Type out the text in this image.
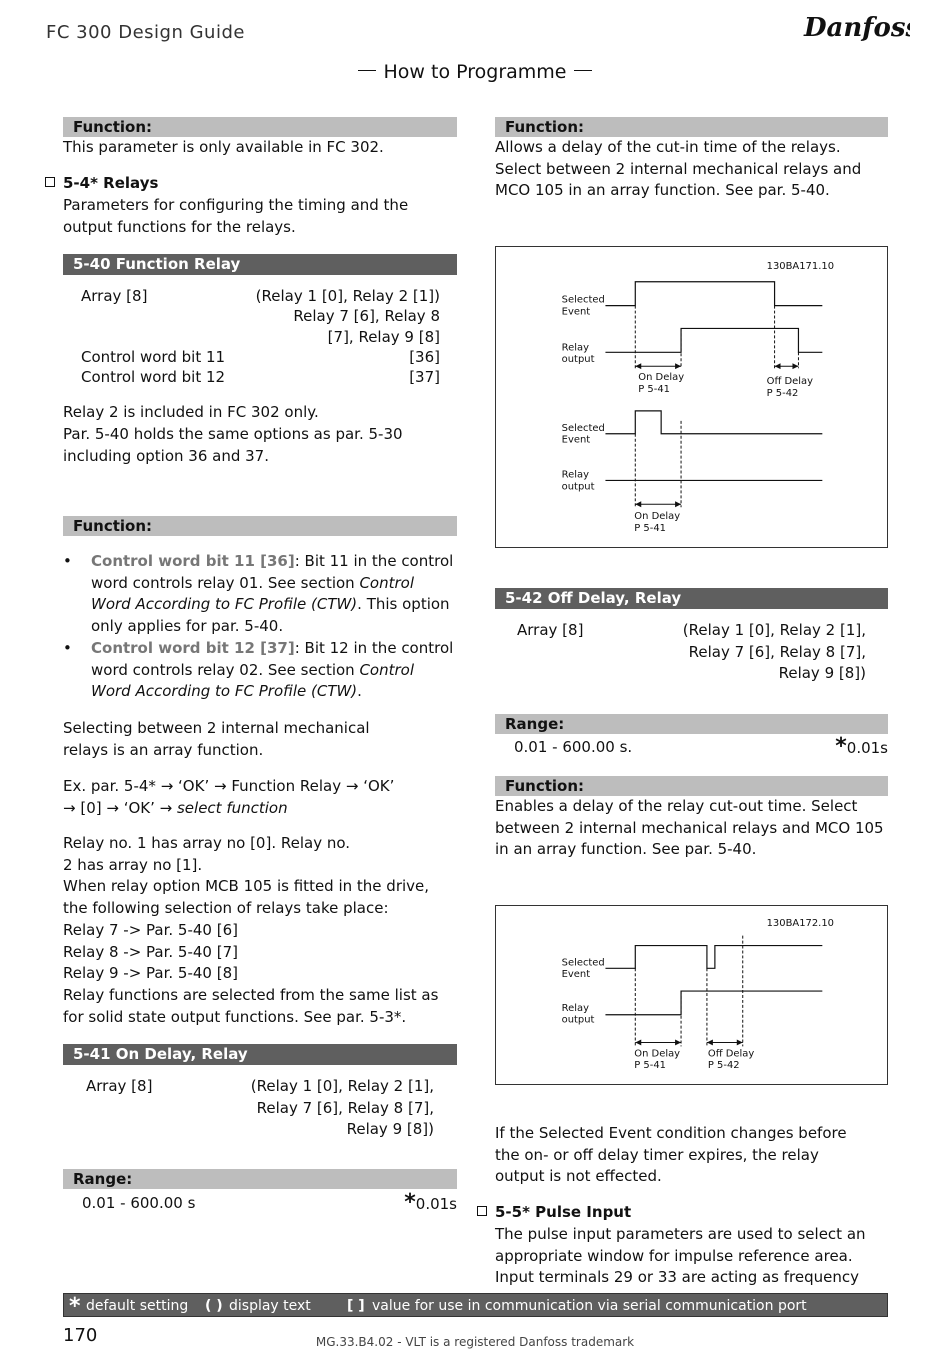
FC 300 Design Guide	Danfoss
How to Programme
Function:
This parameter is only available in FC 302.
5-4* Relays
Parameters for configuring the timing and the output functions for the relays.
5-40 Function Relay
Array [8]	(Relay 1 [0], Relay 2 [1])
Relay 7 [6], Relay 8
[7], Relay 9 [8]
Control word bit 11	[36]
Control word bit 12	[37]
Relay 2 is included in FC 302 only.
Par. 5-40 holds the same options as par. 5-30 including option 36 and 37.
Function:
• Control word bit 11 [36]: Bit 11 in the control word controls relay 01. See section Control Word According to FC Profile (CTW). This option only applies for par. 5-40.
• Control word bit 12 [37]: Bit 12 in the control word controls relay 02. See section Control Word According to FC Profile (CTW).
Selecting between 2 internal mechanical relays is an array function.
Ex. par. 5-4* → ‘OK’ → Function Relay → ‘OK’
→ [0] → ‘OK’ → select function
Relay no. 1 has array no [0]. Relay no.
2 has array no [1].
When relay option MCB 105 is fitted in the drive,
the following selection of relays take place:
Relay 7 -> Par. 5-40 [6]
Relay 8 -> Par. 5-40 [7]
Relay 9 -> Par. 5-40 [8]
Relay functions are selected from the same list as
for solid state output functions. See par. 5-3*.
5-41 On Delay, Relay
Array [8]	(Relay 1 [0], Relay 2 [1],
Relay 7 [6], Relay 8 [7],
Relay 9 [8])
Range:
0.01 - 600.00 s	*0.01s
Function:
Allows a delay of the cut-in time of the relays. Select between 2 internal mechanical relays and MCO 105 in an array function. See par. 5-40.
130BA171.10
Selected
Event
Relay
output
On Delay
P 5-41
Off Delay
P 5-42
Selected
Event
Relay
output
On Delay
P 5-41
5-42 Off Delay, Relay
Array [8]	(Relay 1 [0], Relay 2 [1],
Relay 7 [6], Relay 8 [7],
Relay 9 [8])
Range:
0.01 - 600.00 s.	*0.01s
Function:
Enables a delay of the relay cut-out time. Select between 2 internal mechanical relays and MCO 105 in an array function. See par. 5-40.
130BA172.10
Selected
Event
Relay
output
On Delay
P 5-41
Off Delay
P 5-42
If the Selected Event condition changes before the on- or off delay timer expires, the relay output is not effected.
5-5* Pulse Input
The pulse input parameters are used to select an appropriate window for impulse reference area. Input terminals 29 or 33 are acting as frequency
* default setting ( ) display text	[ ] value for use in communication via serial communication port
170	MG.33.B4.02 - VLT is a registered Danfoss trademark
